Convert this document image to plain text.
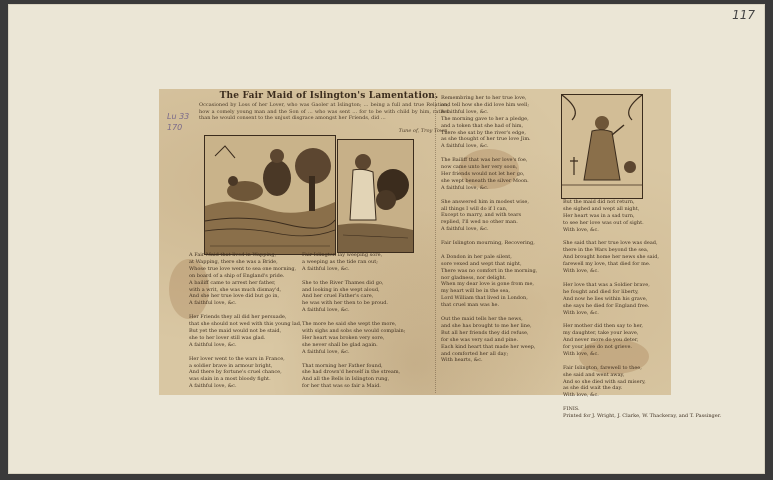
117
The Fair Maid of Islington's Lamentation.
Occasioned by Loss of her Lover, who was Gaoler at Islington; … being a full and true Relation, how a comely young man and the Son of … who was sent … for to be with child by him, rather than he would consent to the unjust disgrace amongst her Friends, did …
Tune of, Troy Town.
Lu 33
170
A Fair Maid that lived in Wapping,
at Wapping, there she was a Bride,
Whose true love went to sea one morning,
on board of a ship of England's pride.
A bailiff came to arrest her father,
with a writ, she was much dismay'd,
And she her true love did but go in,
A faithful love, &c.

Her Friends they all did her persuade,
that she should not wed with this young lad,
But yet the maid would not be staid,
she to her lover still was glad.
A faithful love, &c.

Her lover went to the wars in France,
a soldier brave in armour bright,
And there by fortune's cruel chance,
was slain in a most bloody fight.
A faithful love, &c.
Fair Islington lay weeping sore,
a weeping as the tide ran out;
A faithful love, &c.

She to the River Thames did go,
and looking in she wept aloud,
And her cruel Father's care,
he was with her then to be proud.
A faithful love, &c.

The more he said she wept the more,
with sighs and sobs she would complain;
Her heart was broken very sore,
she never shall be glad again.
A faithful love, &c.

That morning her Father found,
she had drown'd herself in the stream,
And all the Bells in Islington rung,
for her that was so fair a Maid.
Remembring her to her true love,
and tell how she did love him well;
A faithful love, &c.
The morning gave to her a pledge,
and a token that she had of him,
There she sat by the river's edge,
as she thought of her true love Jim.
A faithful love, &c.

The Bailiff that was her love's foe,
now came unto her very soon,
Her friends would not let her go,
she wept beneath the silver Moon.
A faithful love, &c.

She answered him in modest wise,
all things I will do if I can,
Except to marry, and with tears
replied, I'll wed no other man.
A faithful love, &c.

Fair Islington mourning, Recovering,

A Dondon in her pale silent,
sore vexed and wept that night,
There was no comfort in the morning,
nor gladness, nor delight.
When my dear love is gone from me,
my heart will be in the sea,
Lord William that lived in London,
that cruel man was he.

Out the maid tells her the news,
and she has brought to me her line,
But all her friends they did refuse,
for she was very sad and pine.
Each kind heart that made her weep,
and comforted her all day;
With hearts, &c.
But the maid did not return,
she sighed and wept all night,
Her heart was in a sad turn,
to see her love was out of sight.
With love, &c.

She said that her true love was dead,
there in the Wars beyond the sea,
And brought home her news she said,
farewell my love, that died for me.
With love, &c.

Her love that was a Soldier brave,
he fought and died for liberty,
And now he lies within his grave,
she says he died for England free.
With love, &c.

Her mother did then say to her,
my daughter, take your leave,
And never more do you deter,
for your love do not grieve.
With love, &c.

Fair Islington, farewell to thee,
she said and went away,
And so she died with sad misery,
as she did wait the day.
With love, &c.

FINIS.
Printed for J. Wright, J. Clarke, W. Thackeray, and T. Passinger.
